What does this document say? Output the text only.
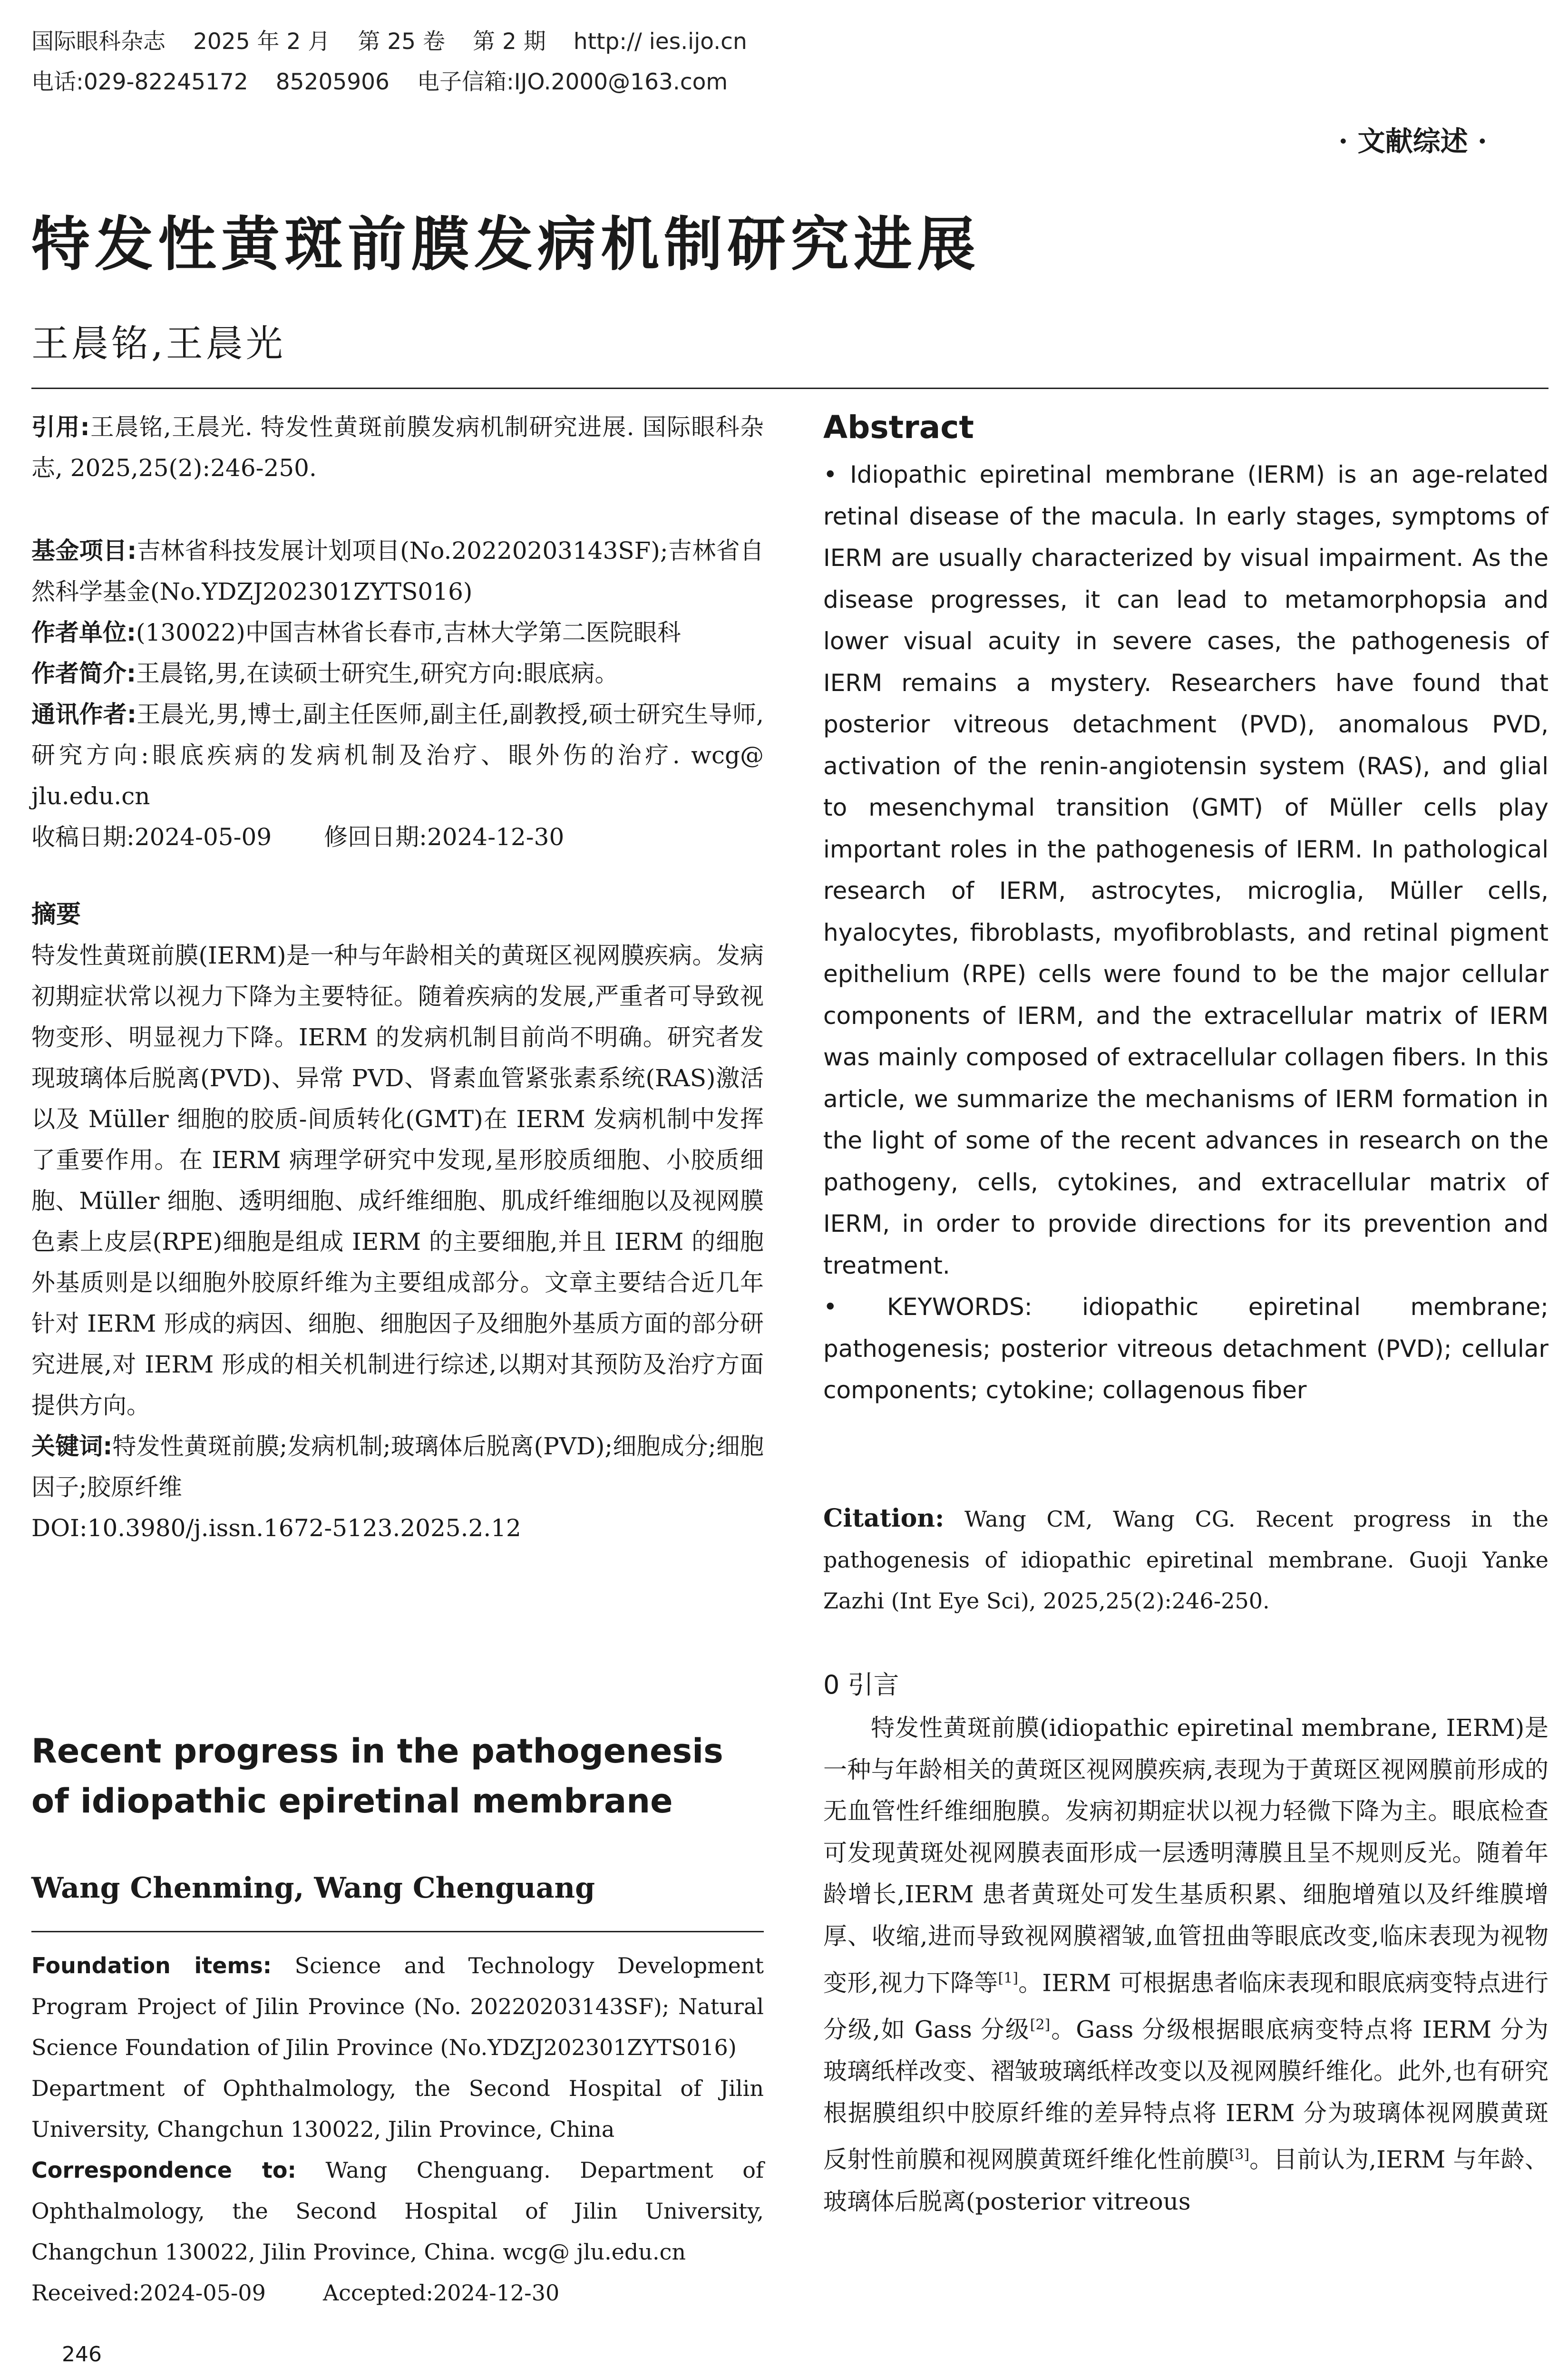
国际眼科杂志 2025 年 2 月 第 25 卷 第 2 期 http:// ies.ijo.cn
电话:029-82245172 85205906 电子信箱:IJO.2000@163.com
· 文献综述 ·
特发性黄斑前膜发病机制研究进展
王晨铭,王晨光

引用:王晨铭,王晨光. 特发性黄斑前膜发病机制研究进展. 国际眼科杂志, 2025,25(2):246-250.

基金项目:吉林省科技发展计划项目(No.20220203143SF);吉林省自然科学基金(No.YDZJ202301ZYTS016)

作者单位:(130022)中国吉林省长春市,吉林大学第二医院眼科

作者简介:王晨铭,男,在读硕士研究生,研究方向:眼底病。

通讯作者:王晨光,男,博士,副主任医师,副主任,副教授,硕士研究生导师,研究方向:眼底疾病的发病机制及治疗、眼外伤的治疗. wcg@ jlu.edu.cn

收稿日期:2024-05-09 修回日期:2024-12-30

摘要

特发性黄斑前膜(IERM)是一种与年龄相关的黄斑区视网膜疾病。发病初期症状常以视力下降为主要特征。随着疾病的发展,严重者可导致视物变形、明显视力下降。IERM 的发病机制目前尚不明确。研究者发现玻璃体后脱离(PVD)、异常 PVD、肾素血管紧张素系统(RAS)激活以及 Müller 细胞的胶质-间质转化(GMT)在 IERM 发病机制中发挥了重要作用。在 IERM 病理学研究中发现,星形胶质细胞、小胶质细胞、Müller 细胞、透明细胞、成纤维细胞、肌成纤维细胞以及视网膜色素上皮层(RPE)细胞是组成 IERM 的主要细胞,并且 IERM 的细胞外基质则是以细胞外胶原纤维为主要组成部分。文章主要结合近几年针对 IERM 形成的病因、细胞、细胞因子及细胞外基质方面的部分研究进展,对 IERM 形成的相关机制进行综述,以期对其预防及治疗方面提供方向。

关键词:特发性黄斑前膜;发病机制;玻璃体后脱离(PVD);细胞成分;细胞因子;胶原纤维

DOI:10.3980/j.issn.1672-5123.2025.2.12

Recent progress in the pathogenesis of idiopathic epiretinal membrane
Wang Chenming, Wang Chenguang

Foundation items: Science and Technology Development Program Project of Jilin Province (No. 20220203143SF); Natural Science Foundation of Jilin Province (No.YDZJ202301ZYTS016)

Department of Ophthalmology, the Second Hospital of Jilin University, Changchun 130022, Jilin Province, China

Correspondence to: Wang Chenguang. Department of Ophthalmology, the Second Hospital of Jilin University, Changchun 130022, Jilin Province, China. wcg@ jlu.edu.cn

Received:2024-05-09	Accepted:2024-12-30

Abstract

• Idiopathic epiretinal membrane (IERM) is an age-related retinal disease of the macula. In early stages, symptoms of IERM are usually characterized by visual impairment. As the disease progresses, it can lead to metamorphopsia and lower visual acuity in severe cases, the pathogenesis of IERM remains a mystery. Researchers have found that posterior vitreous detachment (PVD), anomalous PVD, activation of the renin-angiotensin system (RAS), and glial to mesenchymal transition (GMT) of Müller cells play important roles in the pathogenesis of IERM. In pathological research of IERM, astrocytes, microglia, Müller cells, hyalocytes, fibroblasts, myofibroblasts, and retinal pigment epithelium (RPE) cells were found to be the major cellular components of IERM, and the extracellular matrix of IERM was mainly composed of extracellular collagen fibers. In this article, we summarize the mechanisms of IERM formation in the light of some of the recent advances in research on the pathogeny, cells, cytokines, and extracellular matrix of IERM, in order to provide directions for its prevention and treatment.

• KEYWORDS: idiopathic epiretinal membrane; pathogenesis; posterior vitreous detachment (PVD); cellular components; cytokine; collagenous fiber

Citation: Wang CM, Wang CG. Recent progress in the pathogenesis of idiopathic epiretinal membrane. Guoji Yanke Zazhi (Int Eye Sci), 2025,25(2):246-250.

0 引言

特发性黄斑前膜(idiopathic epiretinal membrane, IERM)是一种与年龄相关的黄斑区视网膜疾病,表现为于黄斑区视网膜前形成的无血管性纤维细胞膜。发病初期症状以视力轻微下降为主。眼底检查可发现黄斑处视网膜表面形成一层透明薄膜且呈不规则反光。随着年龄增长,IERM 患者黄斑处可发生基质积累、细胞增殖以及纤维膜增厚、收缩,进而导致视网膜褶皱,血管扭曲等眼底改变,临床表现为视物变形,视力下降等[1]。IERM 可根据患者临床表现和眼底病变特点进行分级,如 Gass 分级[2]。Gass 分级根据眼底病变特点将 IERM 分为玻璃纸样改变、褶皱玻璃纸样改变以及视网膜纤维化。此外,也有研究根据膜组织中胶原纤维的差异特点将 IERM 分为玻璃体视网膜黄斑反射性前膜和视网膜黄斑纤维化性前膜[3]。目前认为,IERM 与年龄、玻璃体后脱离(posterior vitreous

246
